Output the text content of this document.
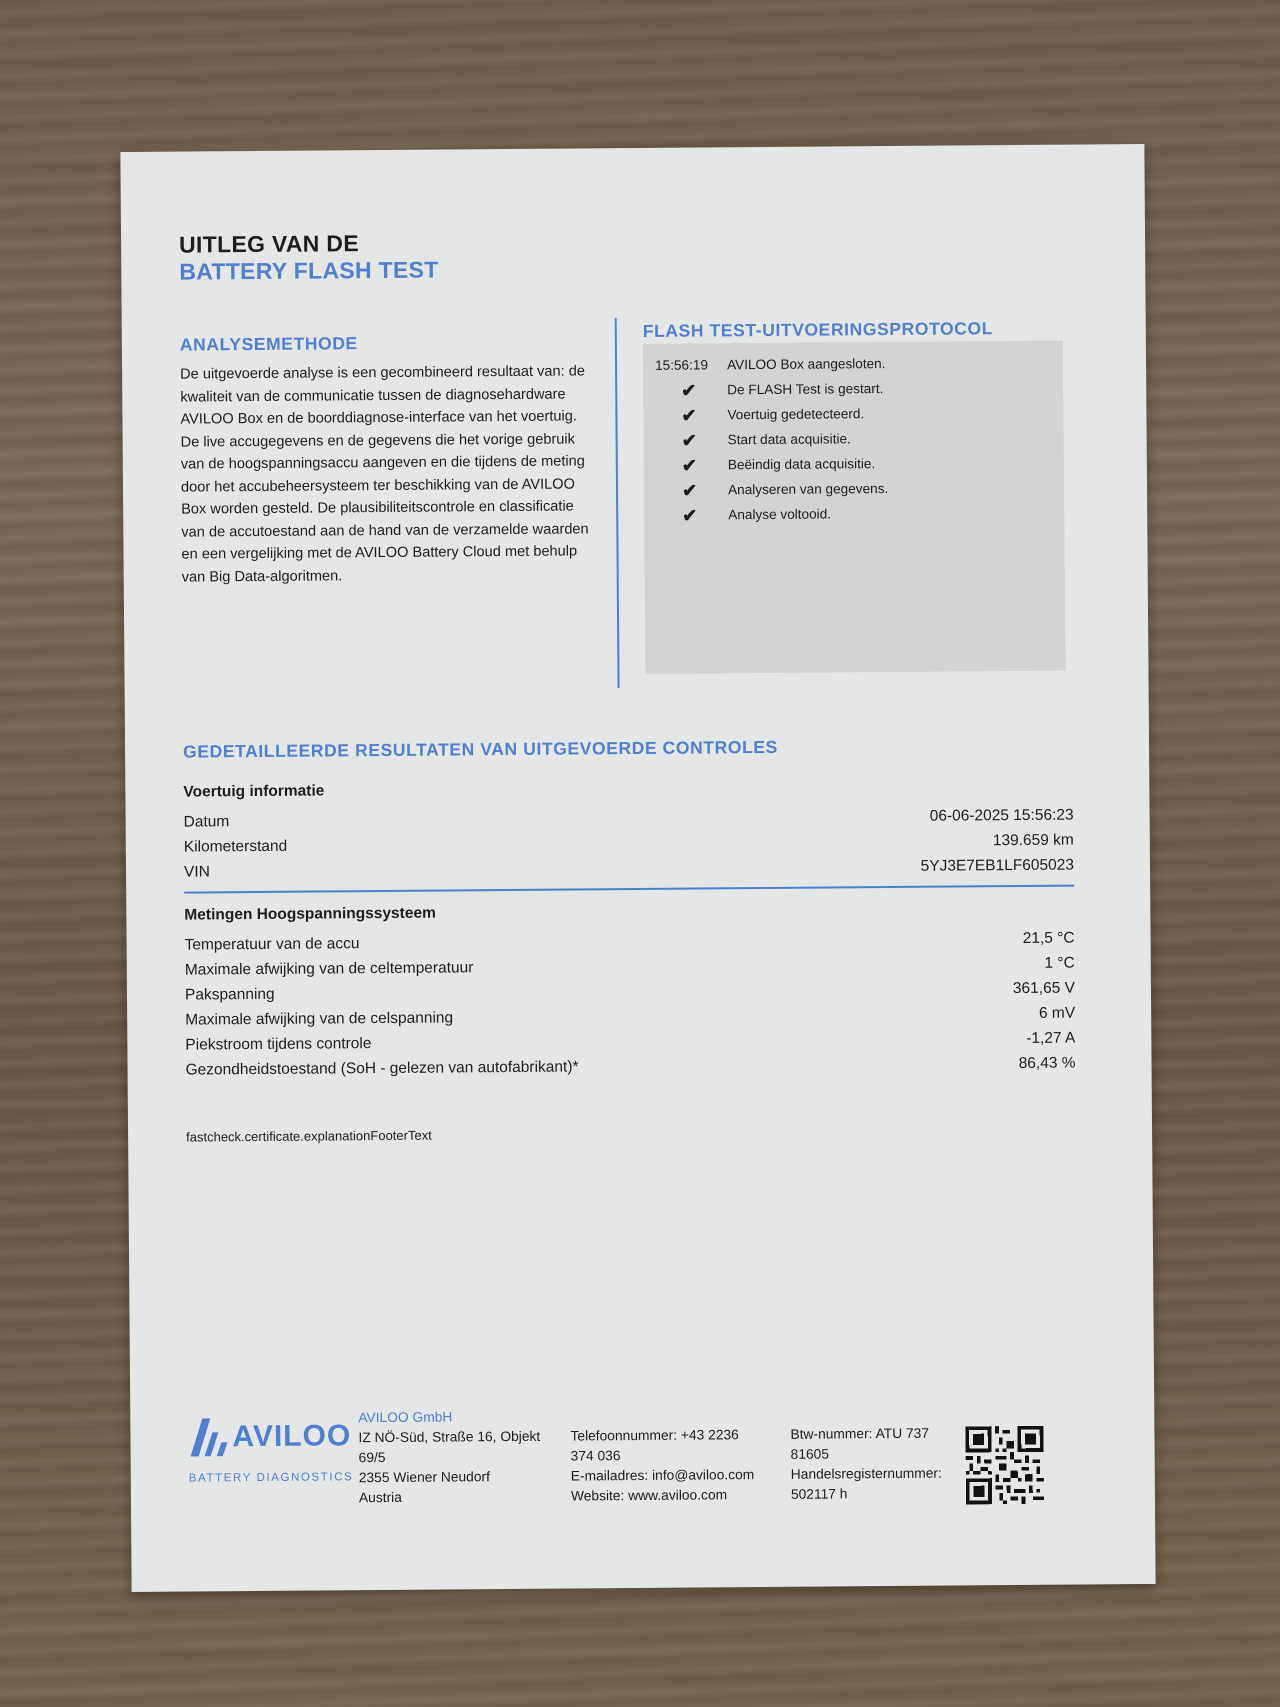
UITLEG VAN DE
BATTERY FLASH TEST
ANALYSEMETHODE
De uitgevoerde analyse is een gecombineerd resultaat van: de kwaliteit van de communicatie tussen de diagnosehardware AVILOO Box en de boorddiagnose-interface van het voertuig. De live accugegevens en de gegevens die het vorige gebruik van de hoogspanningsaccu aangeven en die tijdens de meting door het accubeheersysteem ter beschikking van de AVILOO Box worden gesteld. De plausibiliteitscontrole en classificatie van de accutoestand aan de hand van de verzamelde waarden en een vergelijking met de AVILOO Battery Cloud met behulp van Big Data-algoritmen.
FLASH TEST-UITVOERINGSPROTOCOL
15:56:19	AVILOO Box aangesloten.
✔	De FLASH Test is gestart.
✔	Voertuig gedetecteerd.
✔	Start data acquisitie.
✔	Beëindig data acquisitie.
✔	Analyseren van gegevens.
✔	Analyse voltooid.
GEDETAILLEERDE RESULTATEN VAN UITGEVOERDE CONTROLES
Voertuig informatie
Datum	06-06-2025 15:56:23
Kilometerstand	139.659 km
VIN	5YJ3E7EB1LF605023
Metingen Hoogspanningssysteem
Temperatuur van de accu	21,5 °C
Maximale afwijking van de celtemperatuur	1 °C
Pakspanning	361,65 V
Maximale afwijking van de celspanning	6 mV
Piekstroom tijdens controle	-1,27 A
Gezondheidstoestand (SoH - gelezen van autofabrikant)*	86,43 %
fastcheck.certificate.explanationFooterText
AVILOO
BATTERY DIAGNOSTICS
AVILOO GmbH
IZ NÖ-Süd, Straße 16, Objekt
69/5
2355 Wiener Neudorf
Austria
Telefoonnummer: +43 2236
374 036
E-mailadres: info@aviloo.com
Website: www.aviloo.com
Btw-nummer: ATU 737
81605
Handelsregisternummer:
502117 h
